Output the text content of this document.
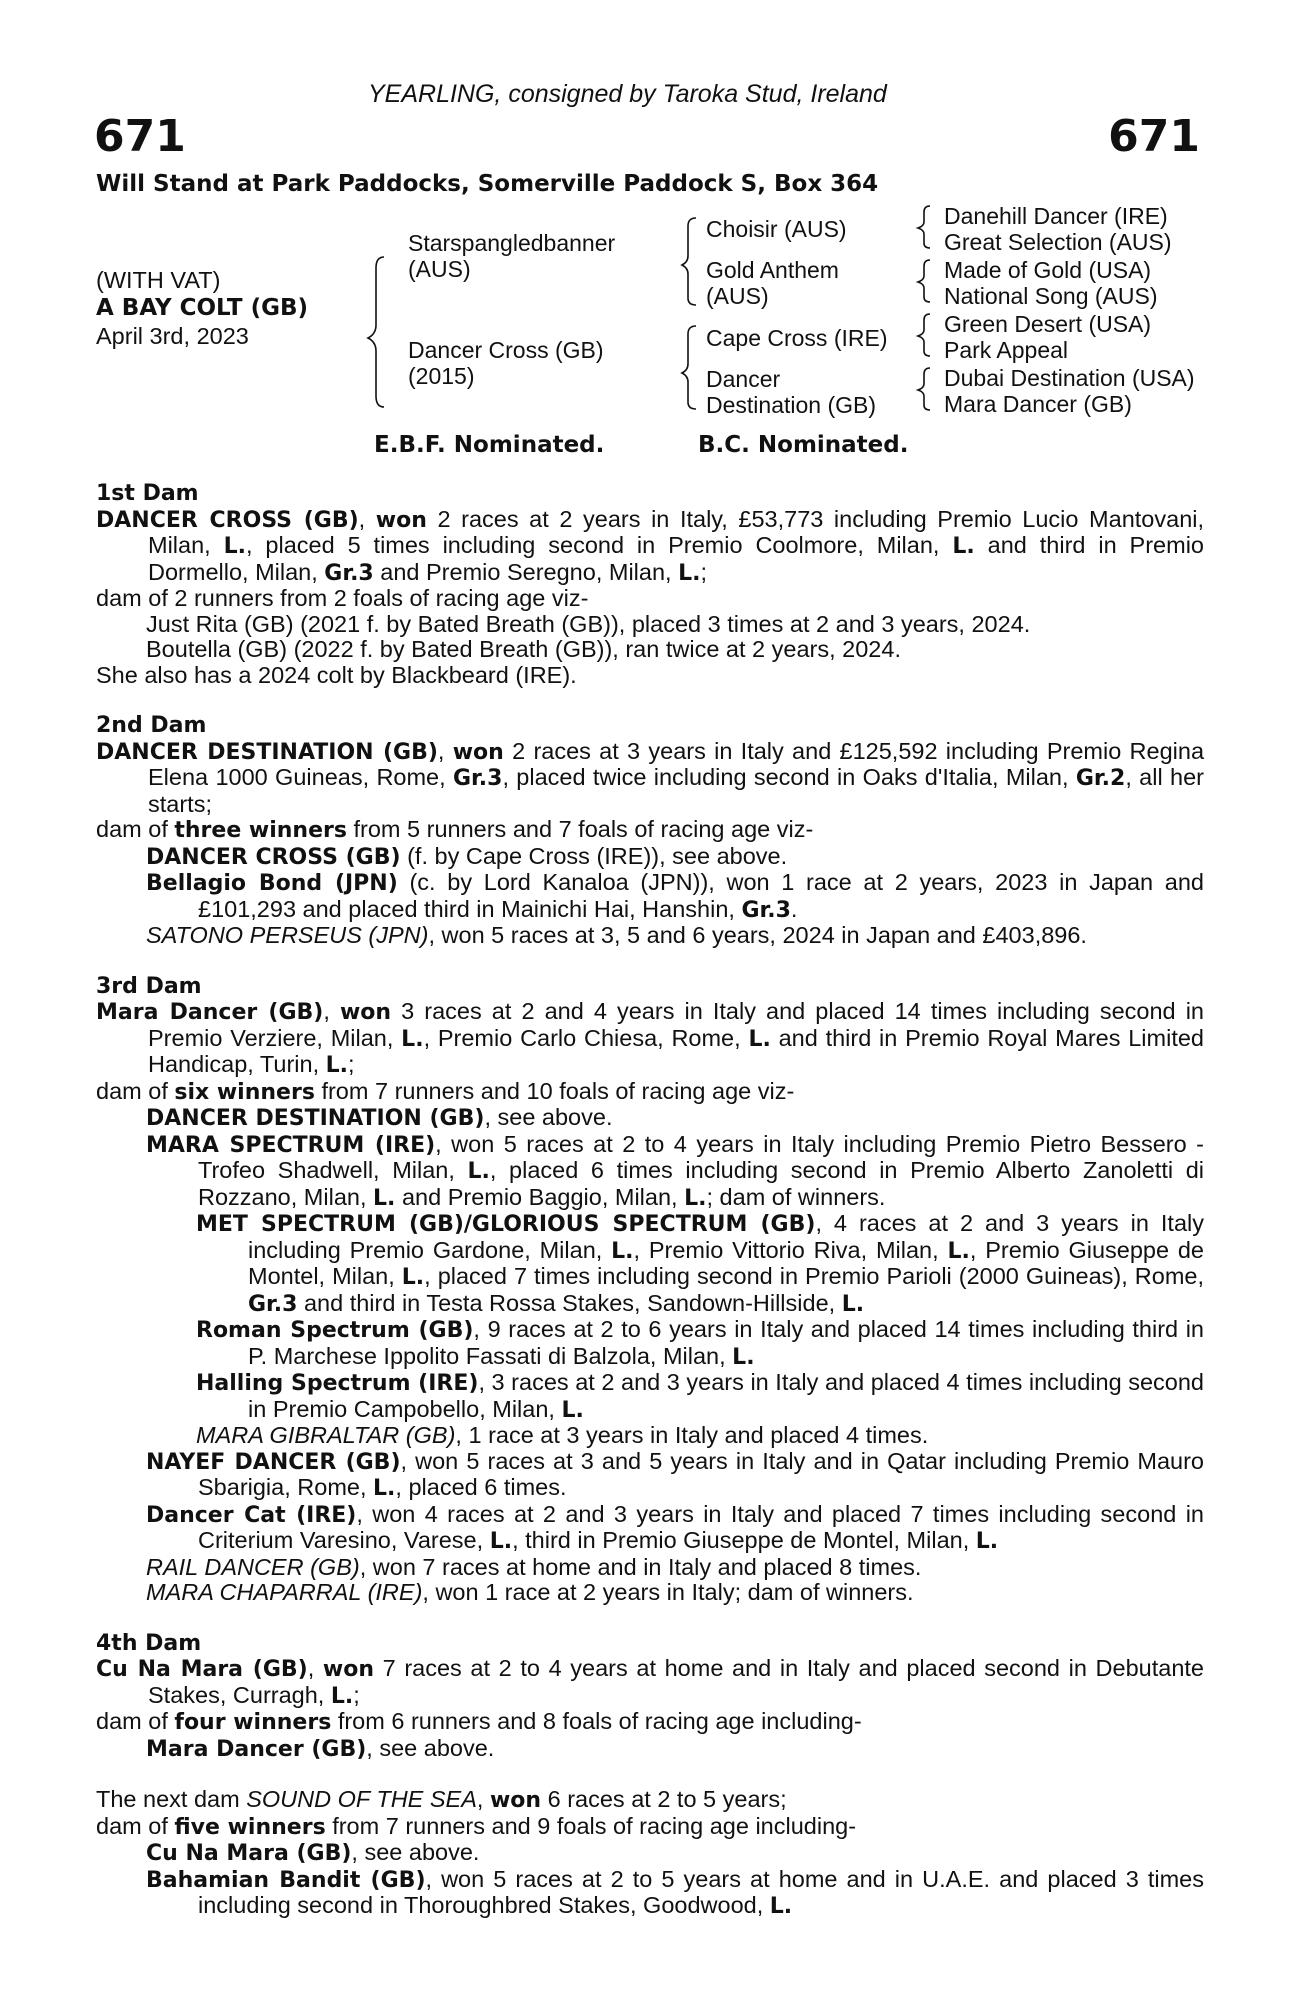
YEARLING, consigned by Taroka Stud, Ireland
671	671
Will Stand at Park Paddocks, Somerville Paddock S, Box 364
(WITH VAT)
A BAY COLT (GB)
April 3rd, 2023
Starspangledbanner
(AUS)
Dancer Cross (GB)
(2015)
Choisir (AUS)
Gold Anthem
(AUS)
Cape Cross (IRE)
Dancer
Destination (GB)
Danehill Dancer (IRE)
Great Selection (AUS)
Made of Gold (USA)
National Song (AUS)
Green Desert (USA)
Park Appeal
Dubai Destination (USA)
Mara Dancer (GB)
E.B.F. Nominated.	B.C. Nominated.
1st Dam

DANCER CROSS (GB), won 2 races at 2 years in Italy, £53,773 including Premio Lucio Mantovani, Milan, L., placed 5 times including second in Premio Coolmore, Milan, L. and third in Premio Dormello, Milan, Gr.3 and Premio Seregno, Milan, L.;

dam of 2 runners from 2 foals of racing age viz-

Just Rita (GB) (2021 f. by Bated Breath (GB)), placed 3 times at 2 and 3 years, 2024.

Boutella (GB) (2022 f. by Bated Breath (GB)), ran twice at 2 years, 2024.

She also has a 2024 colt by Blackbeard (IRE).

2nd Dam

DANCER DESTINATION (GB), won 2 races at 3 years in Italy and £125,592 including Premio Regina Elena 1000 Guineas, Rome, Gr.3, placed twice including second in Oaks d'Italia, Milan, Gr.2, all her starts;

dam of three winners from 5 runners and 7 foals of racing age viz-

DANCER CROSS (GB) (f. by Cape Cross (IRE)), see above.

Bellagio Bond (JPN) (c. by Lord Kanaloa (JPN)), won 1 race at 2 years, 2023 in Japan and £101,293 and placed third in Mainichi Hai, Hanshin, Gr.3.

SATONO PERSEUS (JPN), won 5 races at 3, 5 and 6 years, 2024 in Japan and £403,896.

3rd Dam

Mara Dancer (GB), won 3 races at 2 and 4 years in Italy and placed 14 times including second in Premio Verziere, Milan, L., Premio Carlo Chiesa, Rome, L. and third in Premio Royal Mares Limited Handicap, Turin, L.;

dam of six winners from 7 runners and 10 foals of racing age viz-

DANCER DESTINATION (GB), see above.

MARA SPECTRUM (IRE), won 5 races at 2 to 4 years in Italy including Premio Pietro Bessero - Trofeo Shadwell, Milan, L., placed 6 times including second in Premio Alberto Zanoletti di Rozzano, Milan, L. and Premio Baggio, Milan, L.; dam of winners.

MET SPECTRUM (GB)/GLORIOUS SPECTRUM (GB), 4 races at 2 and 3 years in Italy including Premio Gardone, Milan, L., Premio Vittorio Riva, Milan, L., Premio Giuseppe de Montel, Milan, L., placed 7 times including second in Premio Parioli (2000 Guineas), Rome, Gr.3 and third in Testa Rossa Stakes, Sandown-Hillside, L.

Roman Spectrum (GB), 9 races at 2 to 6 years in Italy and placed 14 times including third in P. Marchese Ippolito Fassati di Balzola, Milan, L.

Halling Spectrum (IRE), 3 races at 2 and 3 years in Italy and placed 4 times including second in Premio Campobello, Milan, L.

MARA GIBRALTAR (GB), 1 race at 3 years in Italy and placed 4 times.

NAYEF DANCER (GB), won 5 races at 3 and 5 years in Italy and in Qatar including Premio Mauro Sbarigia, Rome, L., placed 6 times.

Dancer Cat (IRE), won 4 races at 2 and 3 years in Italy and placed 7 times including second in Criterium Varesino, Varese, L., third in Premio Giuseppe de Montel, Milan, L.

RAIL DANCER (GB), won 7 races at home and in Italy and placed 8 times.

MARA CHAPARRAL (IRE), won 1 race at 2 years in Italy; dam of winners.

4th Dam

Cu Na Mara (GB), won 7 races at 2 to 4 years at home and in Italy and placed second in Debutante Stakes, Curragh, L.;

dam of four winners from 6 runners and 8 foals of racing age including-

Mara Dancer (GB), see above.

The next dam SOUND OF THE SEA, won 6 races at 2 to 5 years;

dam of five winners from 7 runners and 9 foals of racing age including-

Cu Na Mara (GB), see above.

Bahamian Bandit (GB), won 5 races at 2 to 5 years at home and in U.A.E. and placed 3 times including second in Thoroughbred Stakes, Goodwood, L.
